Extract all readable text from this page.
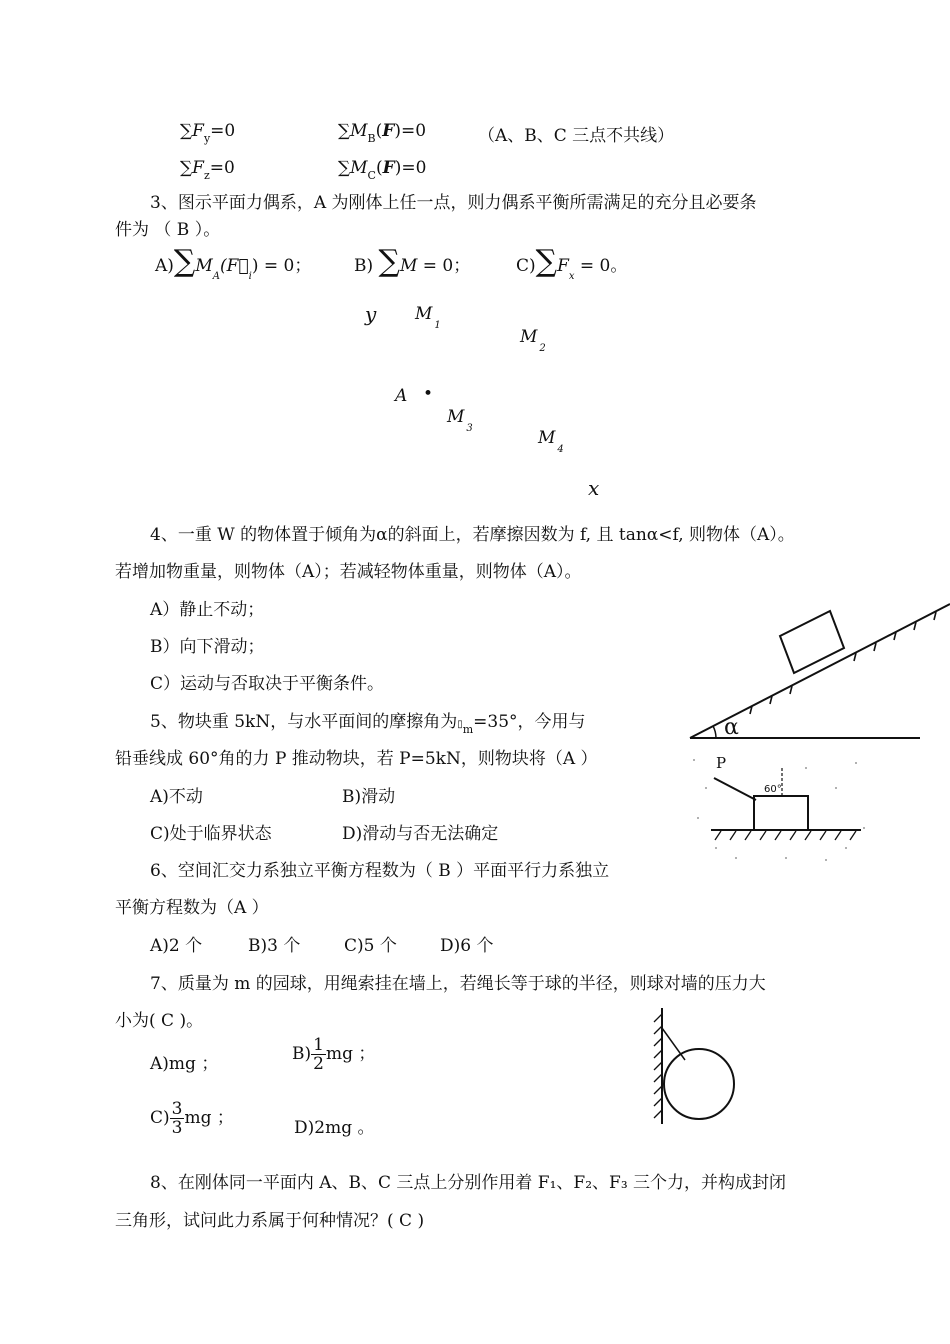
$\sum F_y=0$	$\sum M_B(F)=0$	（A、B、C 三点不共线）
$\sum F_z=0$	$\sum M_C(F)=0$
3、图示平面力偶系，A 为刚体上任一点，则力偶系平衡所需满足的充分且必要条
件为 （ B ）。
$A)\sum M_A(F⃗_i) = 0$；	B) ∑M = 0；	$C)\sum F_x = 0$。
y $M_1$
$M_2$
A •
$M_3$	$M_4$
x
4、一重 W 的物体置于倾角为α的斜面上，若摩擦因数为 f, 且 tanα<f, 则物体（A）。
若增加物重量，则物体（A）；若减轻物体重量，则物体（A）。
A）静止不动；
B）向下滑动；
C）运动与否取决于平衡条件。
α
5、物块重 5kN，与水平面间的摩擦角为$▯_m=35^\circ$，今用与
铅垂线成 60°角的力 P 推动物块，若 P=5kN，则物块将（A ）
A)不动	B)滑动
C)处于临界状态	D)滑动与否无法确定
P
60°
6、空间汇交力系独立平衡方程数为（ B ）平面平行力系独立
平衡方程数为（A ）
A)2 个	B)3 个	C)5 个	D)6 个
7、质量为 m 的园球，用绳索挂在墙上，若绳长等于球的半径，则球对墙的压力大
小为( C )。
A)mg ；	$B) \frac{1}{2}$ mg ；
$C) \frac{3}{3}$ mg ；	D)2mg 。
8、在刚体同一平面内 A、B、C 三点上分别作用着 F₁、F₂、F₃ 三个力，并构成封闭
三角形，试问此力系属于何种情况？( C )
